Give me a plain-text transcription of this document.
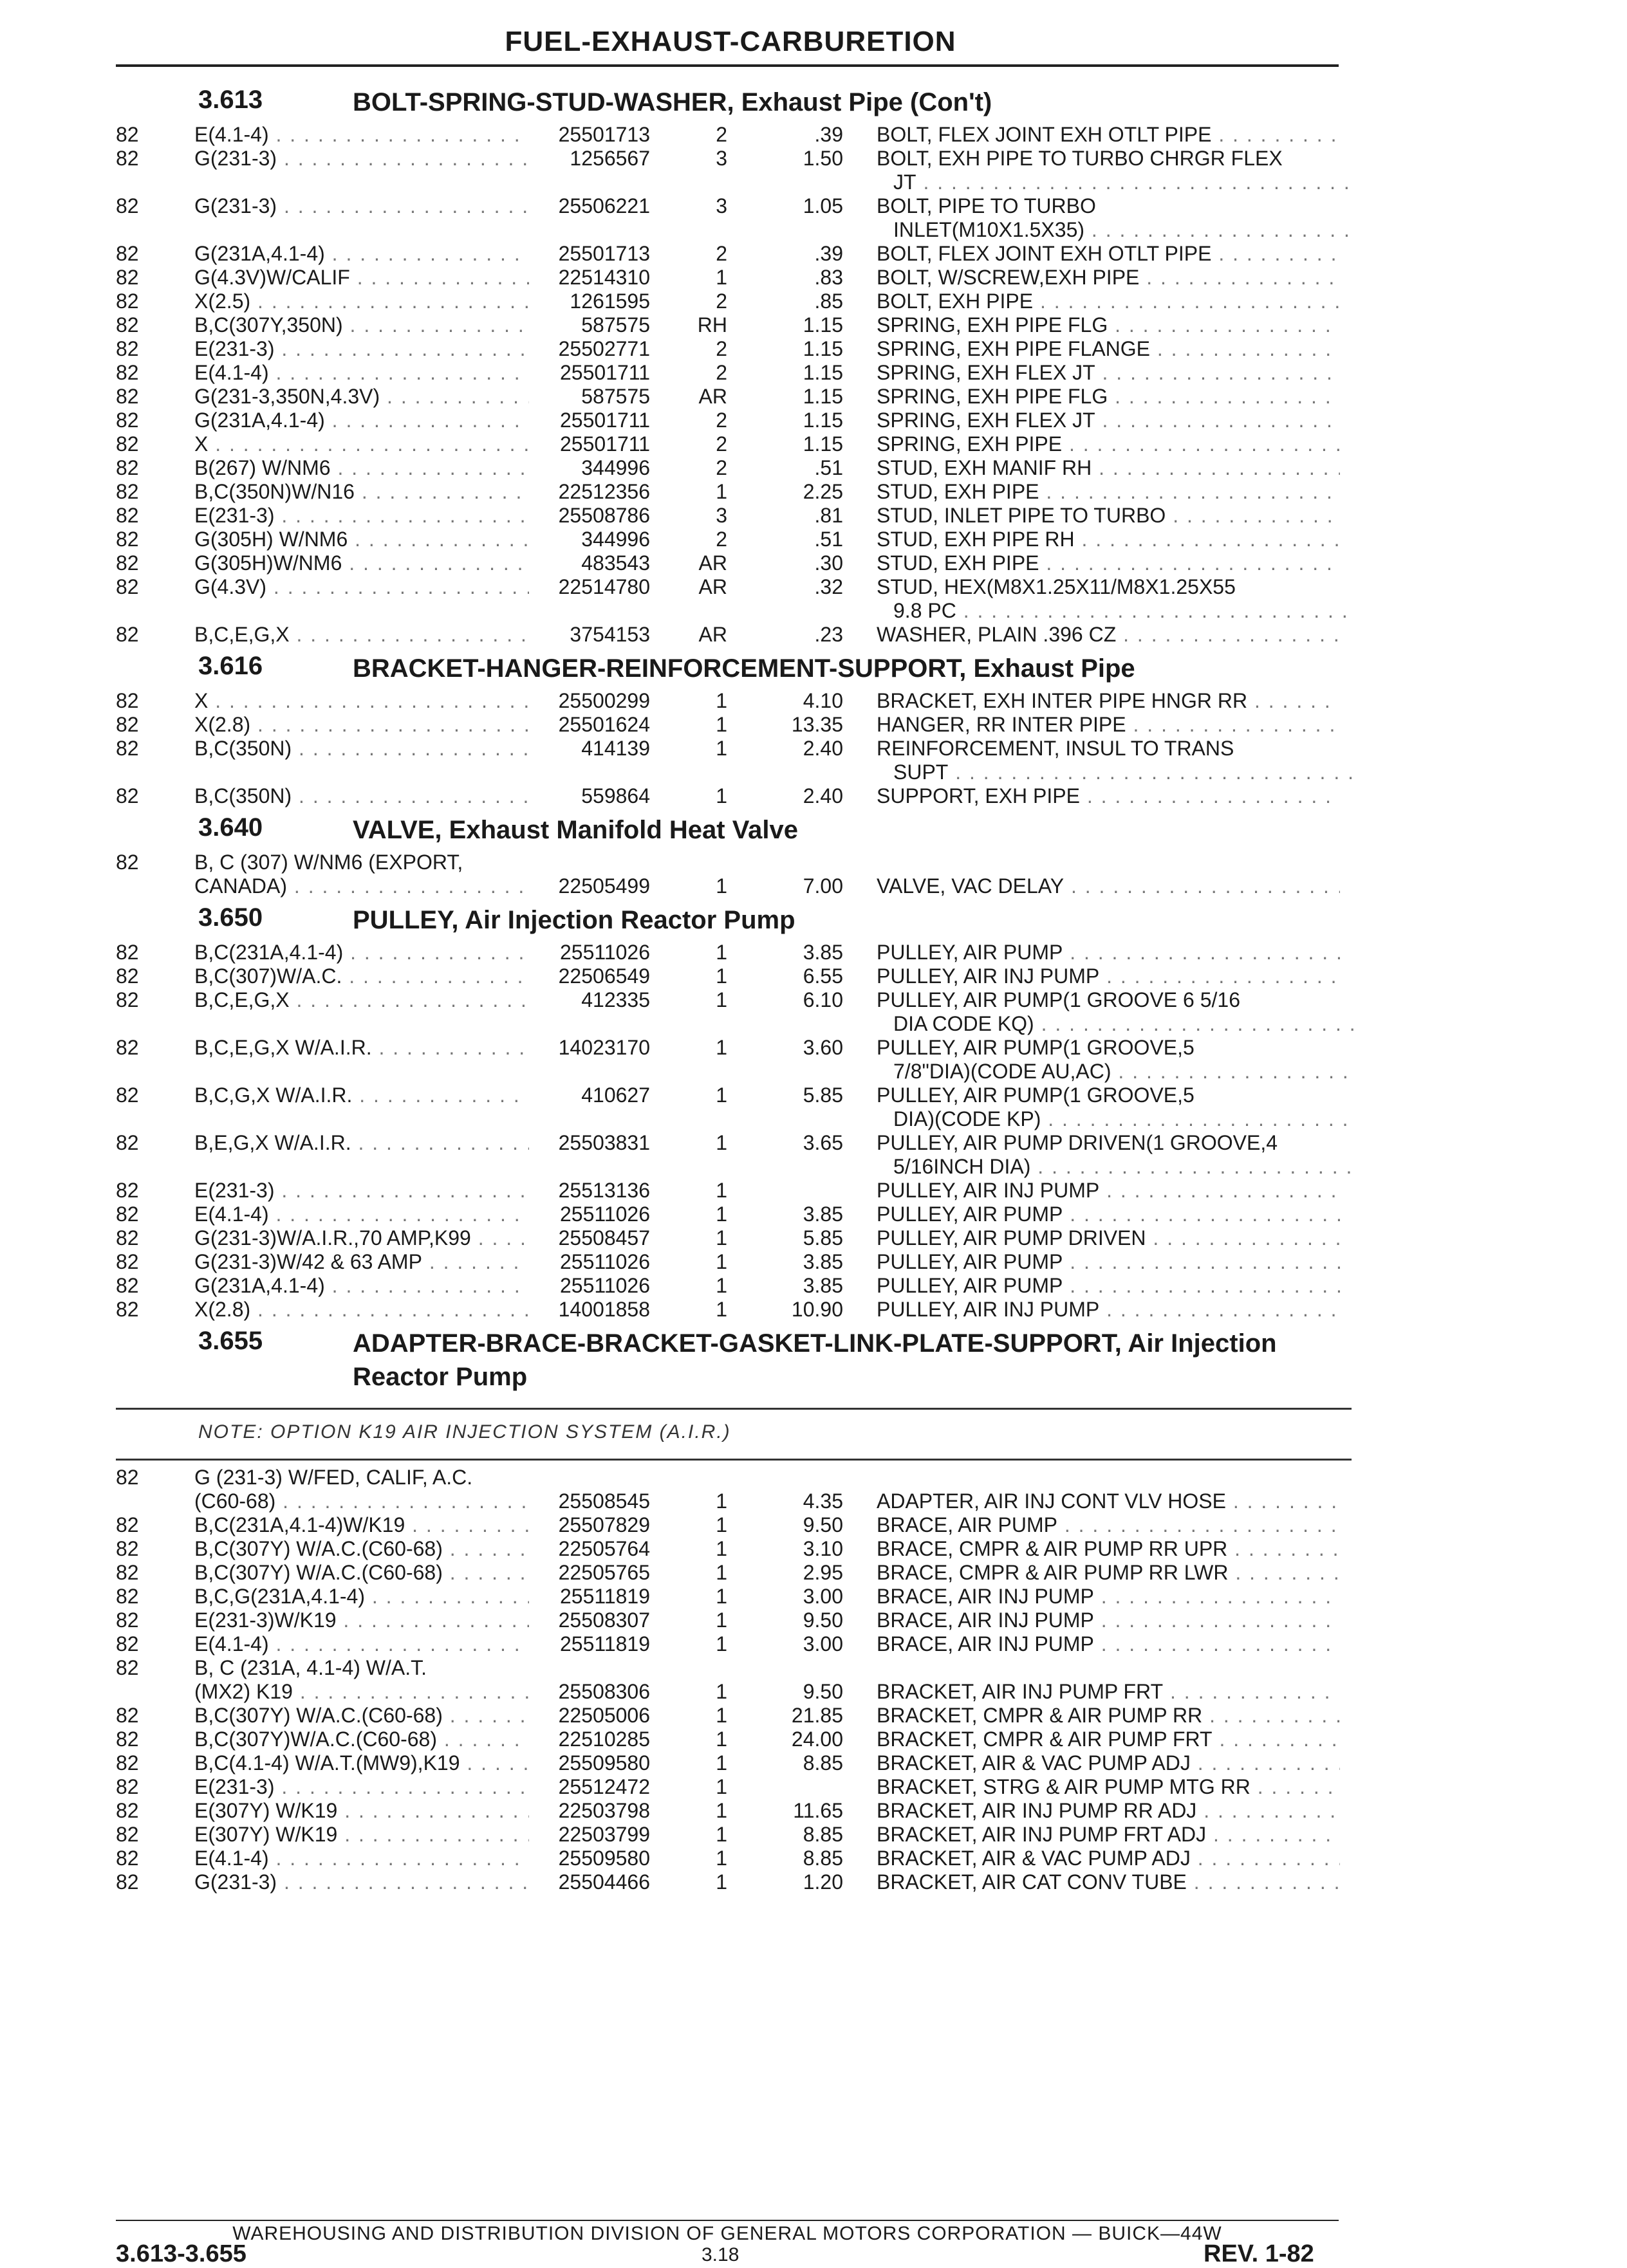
FUEL-EXHAUST-CARBURETION
3.613	BOLT-SPRING-STUD-WASHER, Exhaust Pipe (Con't)
82	E(4.1-4) . . .	25501713	2	.39 BOLT, FLEX JOINT EXH OTLT PIPE . . .
82	G(231-3) . . .	1256567	3	1.50 BOLT, EXH PIPE TO TURBO CHRGR FLEX
JT . . .
82	G(231-3) . . .	25506221	3	1.05 BOLT, PIPE TO TURBO
INLET(M10X1.5X35) . . .
82	G(231A,4.1-4) . . .	25501713	2	.39 BOLT, FLEX JOINT EXH OTLT PIPE . . .
82	G(4.3V)W/CALIF . . .	22514310	1	.83 BOLT, W/SCREW,EXH PIPE . . .
82	X(2.5) . . .	1261595	2	.85 BOLT, EXH PIPE . . .
82	B,C(307Y,350N) . . .	587575	RH	1.15 SPRING, EXH PIPE FLG . . .
82	E(231-3) . . .	25502771	2	1.15 SPRING, EXH PIPE FLANGE . . .
82	E(4.1-4) . . .	25501711	2	1.15 SPRING, EXH FLEX JT . . .
82	G(231-3,350N,4.3V) . . .	587575	AR	1.15 SPRING, EXH PIPE FLG . . .
82	G(231A,4.1-4) . . .	25501711	2	1.15 SPRING, EXH FLEX JT . . .
82	X . . .	25501711	2	1.15 SPRING, EXH PIPE . . .
82	B(267) W/NM6 . . .	344996	2	.51 STUD, EXH MANIF RH . . .
82	B,C(350N)W/N16 . . .	22512356	1	2.25 STUD, EXH PIPE . . .
82	E(231-3) . . .	25508786	3	.81 STUD, INLET PIPE TO TURBO . . .
82	G(305H) W/NM6 . . .	344996	2	.51 STUD, EXH PIPE RH . . .
82	G(305H)W/NM6 . . .	483543	AR	.30 STUD, EXH PIPE . . .
82	G(4.3V) . . .	22514780	AR	.32 STUD, HEX(M8X1.25X11/M8X1.25X55
9.8 PC . . .
82	B,C,E,G,X . . .	3754153	AR	.23 WASHER, PLAIN .396 CZ . . .
3.616	BRACKET-HANGER-REINFORCEMENT-SUPPORT, Exhaust Pipe
82	X . . .	25500299	1	4.10 BRACKET, EXH INTER PIPE HNGR RR . . .
82	X(2.8) . . .	25501624	1	13.35 HANGER, RR INTER PIPE . . .
82	B,C(350N) . . .	414139	1	2.40 REINFORCEMENT, INSUL TO TRANS
SUPT . . .
82	B,C(350N) . . .	559864	1	2.40 SUPPORT, EXH PIPE . . .
3.640	VALVE, Exhaust Manifold Heat Valve
82	B, C (307) W/NM6 (EXPORT,
CANADA) . . .	22505499	1	7.00 VALVE, VAC DELAY . . .
3.650	PULLEY, Air Injection Reactor Pump
82	B,C(231A,4.1-4) . . .	25511026	1	3.85 PULLEY, AIR PUMP . . .
82	B,C(307)W/A.C. . . .	22506549	1	6.55 PULLEY, AIR INJ PUMP . . .
82	B,C,E,G,X . . .	412335	1	6.10 PULLEY, AIR PUMP(1 GROOVE 6 5/16
DIA CODE KQ) . . .
82	B,C,E,G,X W/A.I.R. . . .	14023170	1	3.60 PULLEY, AIR PUMP(1 GROOVE,5
7/8"DIA)(CODE AU,AC) . . .
82	B,C,G,X W/A.I.R. . . .	410627	1	5.85 PULLEY, AIR PUMP(1 GROOVE,5
DIA)(CODE KP) . . .
82	B,E,G,X W/A.I.R. . . .	25503831	1	3.65 PULLEY, AIR PUMP DRIVEN(1 GROOVE,4
5/16INCH DIA) . . .
82	E(231-3) . . .	25513136	1	PULLEY, AIR INJ PUMP . . .
82	E(4.1-4) . . .	25511026	1	3.85 PULLEY, AIR PUMP . . .
82	G(231-3)W/A.I.R.,70 AMP,K99 . . .	25508457	1	5.85 PULLEY, AIR PUMP DRIVEN . . .
82	G(231-3)W/42 & 63 AMP . . .	25511026	1	3.85 PULLEY, AIR PUMP . . .
82	G(231A,4.1-4) . . .	25511026	1	3.85 PULLEY, AIR PUMP . . .
82	X(2.8) . . .	14001858	1	10.90 PULLEY, AIR INJ PUMP . . .
3.655	ADAPTER-BRACE-BRACKET-GASKET-LINK-PLATE-SUPPORT, Air Injection Reactor Pump
NOTE: OPTION K19 AIR INJECTION SYSTEM (A.I.R.)
82	G (231-3) W/FED, CALIF, A.C.
(C60-68) . . .	25508545	1	4.35 ADAPTER, AIR INJ CONT VLV HOSE . . .
82	B,C(231A,4.1-4)W/K19 . . .	25507829	1	9.50 BRACE, AIR PUMP . . .
82	B,C(307Y) W/A.C.(C60-68) . . .	22505764	1	3.10 BRACE, CMPR & AIR PUMP RR UPR . . .
82	B,C(307Y) W/A.C.(C60-68) . . .	22505765	1	2.95 BRACE, CMPR & AIR PUMP RR LWR . . .
82	B,C,G(231A,4.1-4) . . .	25511819	1	3.00 BRACE, AIR INJ PUMP . . .
82	E(231-3)W/K19 . . .	25508307	1	9.50 BRACE, AIR INJ PUMP . . .
82	E(4.1-4) . . .	25511819	1	3.00 BRACE, AIR INJ PUMP . . .
82	B, C (231A, 4.1-4) W/A.T.
(MX2) K19 . . .	25508306	1	9.50 BRACKET, AIR INJ PUMP FRT . . .
82	B,C(307Y) W/A.C.(C60-68) . . .	22505006	1	21.85 BRACKET, CMPR & AIR PUMP RR . . .
82	B,C(307Y)W/A.C.(C60-68) . . .	22510285	1	24.00 BRACKET, CMPR & AIR PUMP FRT . . .
82	B,C(4.1-4) W/A.T.(MW9),K19 . . .	25509580	1	8.85 BRACKET, AIR & VAC PUMP ADJ . . .
82	E(231-3) . . .	25512472	1	BRACKET, STRG & AIR PUMP MTG RR . . .
82	E(307Y) W/K19 . . .	22503798	1	11.65 BRACKET, AIR INJ PUMP RR ADJ . . .
82	E(307Y) W/K19 . . .	22503799	1	8.85 BRACKET, AIR INJ PUMP FRT ADJ . . .
82	E(4.1-4) . . .	25509580	1	8.85 BRACKET, AIR & VAC PUMP ADJ . . .
82	G(231-3) . . .	25504466	1	1.20 BRACKET, AIR CAT CONV TUBE . . .
WAREHOUSING AND DISTRIBUTION DIVISION OF GENERAL MOTORS CORPORATION — BUICK—44W
3.613-3.655	3.18	REV. 1-82
